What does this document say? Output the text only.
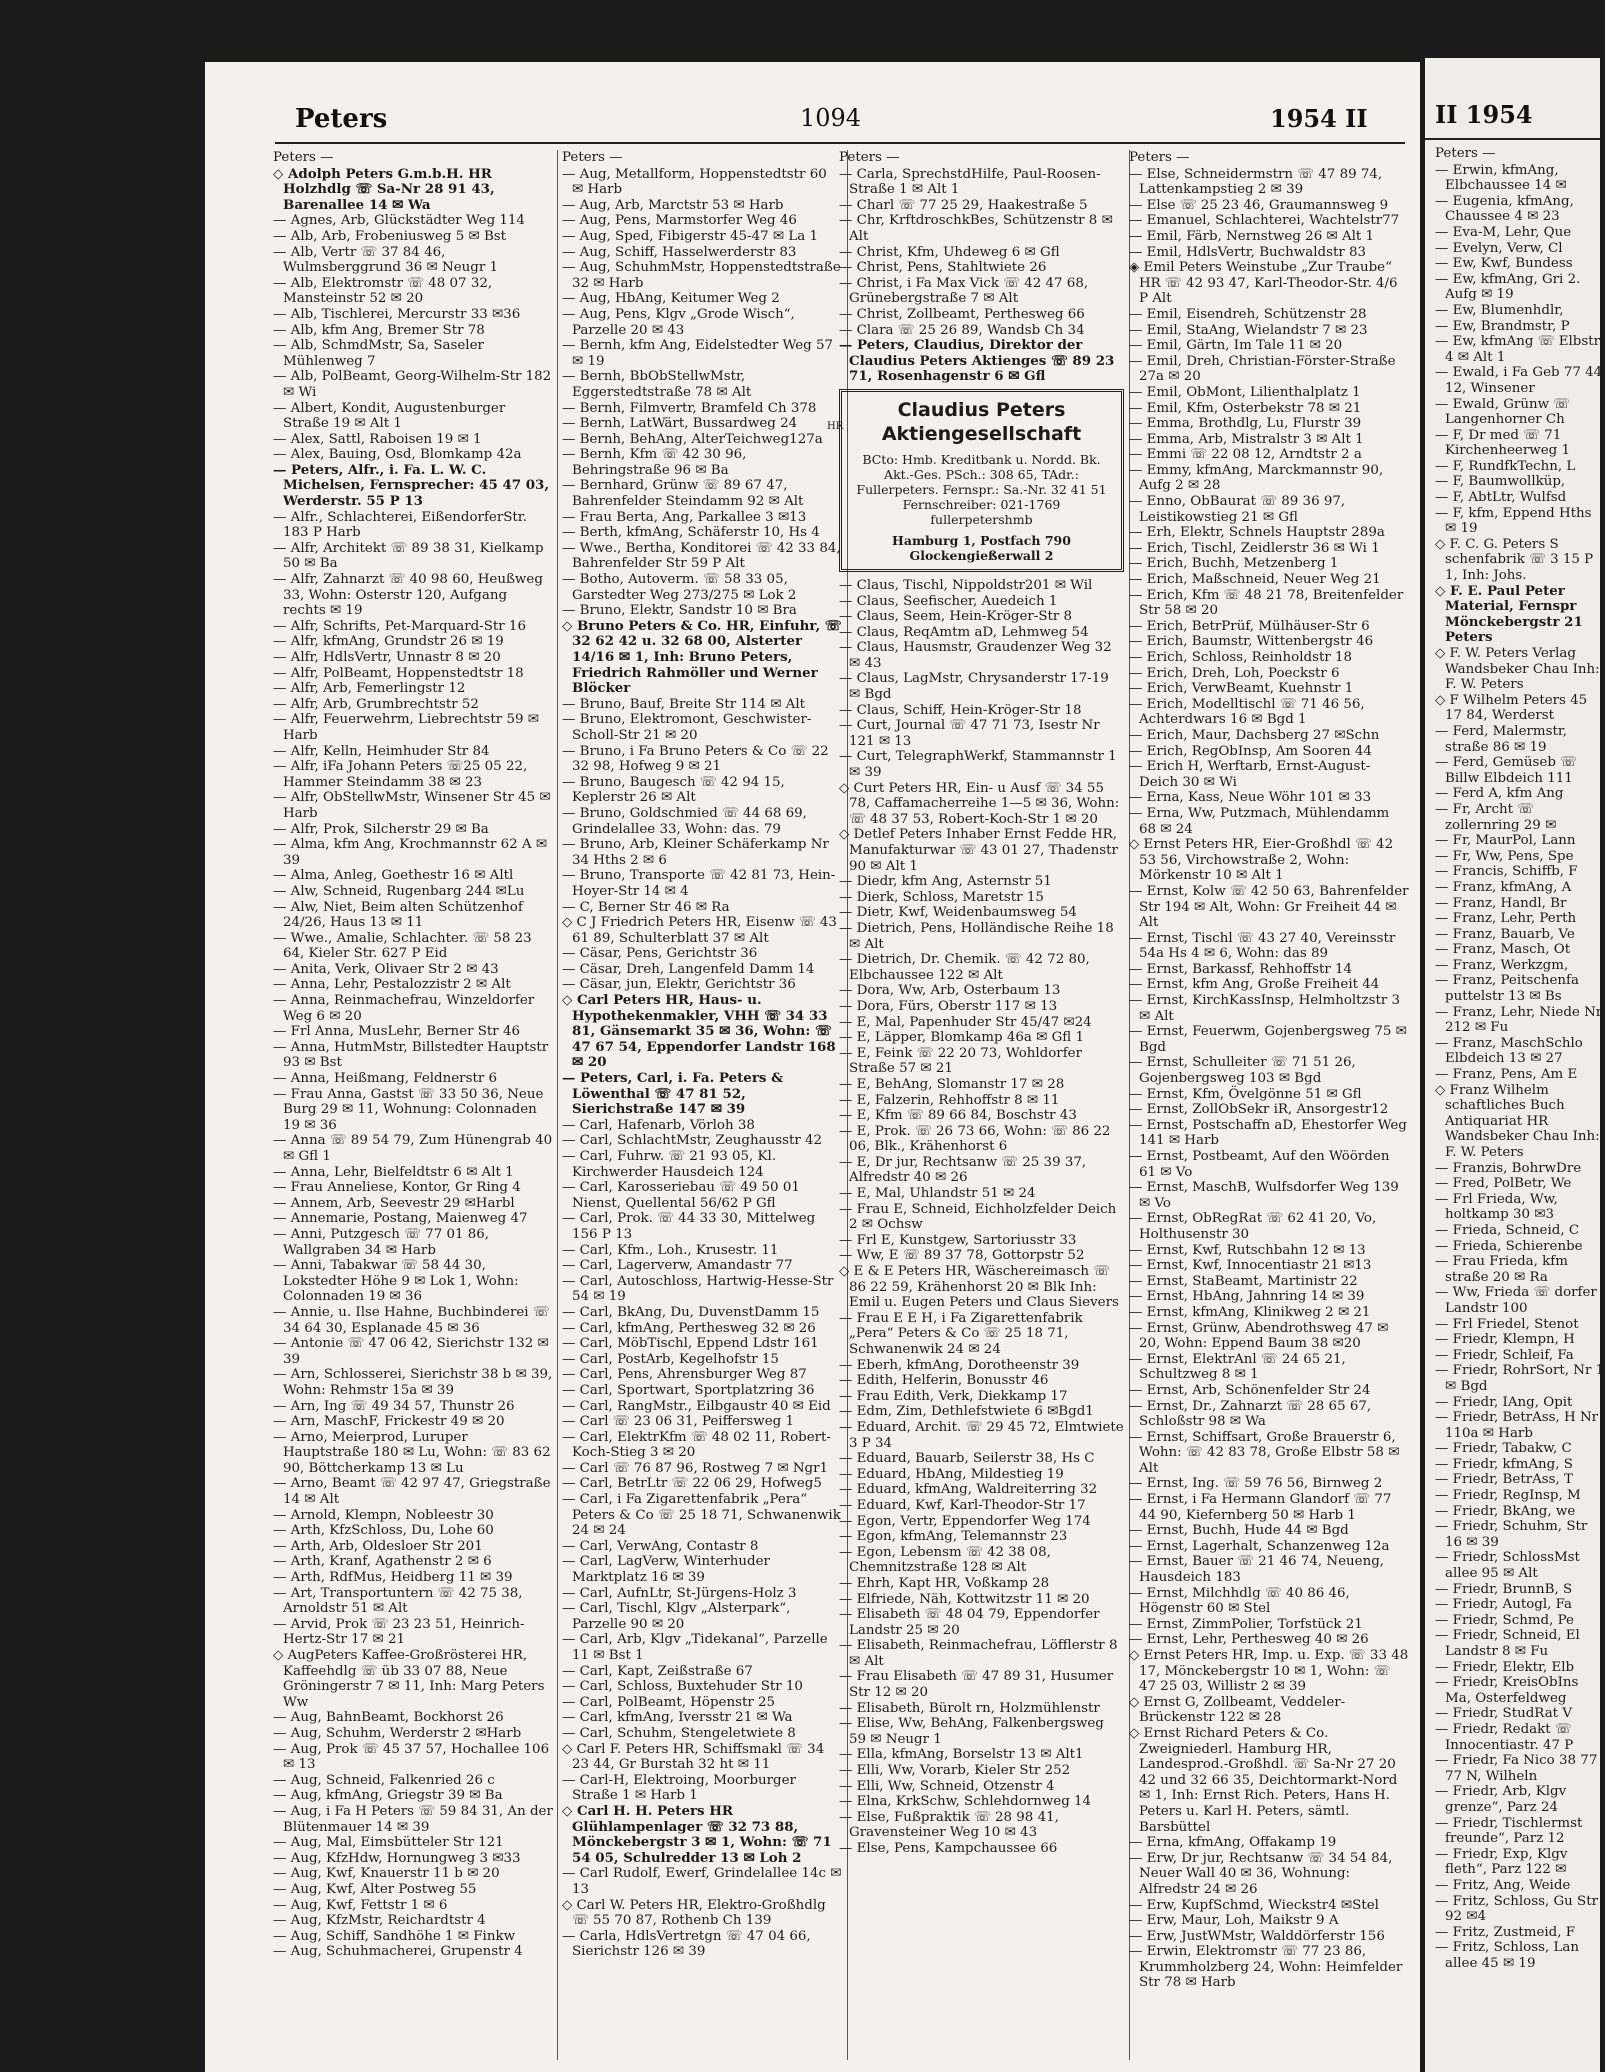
Peters	1094	1954 II
Peters —

◇ Adolph Peters G.m.b.H. HR Holzhdlg ☏ Sa-Nr 28 91 43, Barenallee 14 ✉ Wa

— Agnes, Arb, Glückstädter Weg 114

— Alb, Arb, Frobeniusweg 5 ✉ Bst

— Alb, Vertr ☏ 37 84 46, Wulmsberggrund 36 ✉ Neugr 1

— Alb, Elektromstr ☏ 48 07 32, Mansteinstr 52 ✉ 20

— Alb, Tischlerei, Mercurstr 33 ✉36

— Alb, kfm Ang, Bremer Str 78

— Alb, SchmdMstr, Sa, Saseler Mühlenweg 7

— Alb, PolBeamt, Georg-Wilhelm-Str 182 ✉ Wi

— Albert, Kondit, Augustenburger Straße 19 ✉ Alt 1

— Alex, Sattl, Raboisen 19 ✉ 1

— Alex, Bauing, Osd, Blomkamp 42a

— Peters, Alfr., i. Fa. L. W. C. Michelsen, Fernsprecher: 45 47 03, Werderstr. 55 P 13

— Alfr., Schlachterei, EißendorferStr. 183 P Harb

— Alfr, Architekt ☏ 89 38 31, Kielkamp 50 ✉ Ba

— Alfr, Zahnarzt ☏ 40 98 60, Heußweg 33, Wohn: Osterstr 120, Aufgang rechts ✉ 19

— Alfr, Schrifts, Pet-Marquard-Str 16

— Alfr, kfmAng, Grundstr 26 ✉ 19

— Alfr, HdlsVertr, Unnastr 8 ✉ 20

— Alfr, PolBeamt, Hoppenstedtstr 18

— Alfr, Arb, Femerlingstr 12

— Alfr, Arb, Grumbrechtstr 52

— Alfr, Feuerwehrm, Liebrechtstr 59 ✉ Harb

— Alfr, Kelln, Heimhuder Str 84

— Alfr, iFa Johann Peters ☏25 05 22, Hammer Steindamm 38 ✉ 23

— Alfr, ObStellwMstr, Winsener Str 45 ✉ Harb

— Alfr, Prok, Silcherstr 29 ✉ Ba

— Alma, kfm Ang, Krochmannstr 62 A ✉ 39

— Alma, Anleg, Goethestr 16 ✉ Altl

— Alw, Schneid, Rugenbarg 244 ✉Lu

— Alw, Niet, Beim alten Schützenhof 24/26, Haus 13 ✉ 11

— Wwe., Amalie, Schlachter. ☏ 58 23 64, Kieler Str. 627 P Eid

— Anita, Verk, Olivaer Str 2 ✉ 43

— Anna, Lehr, Pestalozzistr 2 ✉ Alt

— Anna, Reinmachefrau, Winzeldorfer Weg 6 ✉ 20

— Frl Anna, MusLehr, Berner Str 46

— Anna, HutmMstr, Billstedter Hauptstr 93 ✉ Bst

— Anna, Heißmang, Feldnerstr 6

— Frau Anna, Gastst ☏ 33 50 36, Neue Burg 29 ✉ 11, Wohnung: Colonnaden 19 ✉ 36

— Anna ☏ 89 54 79, Zum Hünengrab 40 ✉ Gfl 1

— Anna, Lehr, Bielfeldtstr 6 ✉ Alt 1

— Frau Anneliese, Kontor, Gr Ring 4

— Annem, Arb, Seevestr 29 ✉Harbl

— Annemarie, Postang, Maienweg 47

— Anni, Putzgesch ☏ 77 01 86, Wallgraben 34 ✉ Harb

— Anni, Tabakwar ☏ 58 44 30, Lokstedter Höhe 9 ✉ Lok 1, Wohn: Colonnaden 19 ✉ 36

— Annie, u. Ilse Hahne, Buchbinderei ☏ 34 64 30, Esplanade 45 ✉ 36

— Antonie ☏ 47 06 42, Sierichstr 132 ✉ 39

— Arn, Schlosserei, Sierichstr 38 b ✉ 39, Wohn: Rehmstr 15a ✉ 39

— Arn, Ing ☏ 49 34 57, Thunstr 26

— Arn, MaschF, Frickestr 49 ✉ 20

— Arno, Meierprod, Luruper Hauptstraße 180 ✉ Lu, Wohn: ☏ 83 62 90, Böttcherkamp 13 ✉ Lu

— Arno, Beamt ☏ 42 97 47, Griegstraße 14 ✉ Alt

— Arnold, Klempn, Nobleestr 30

— Arth, KfzSchloss, Du, Lohe 60

— Arth, Arb, Oldesloer Str 201

— Arth, Kranf, Agathenstr 2 ✉ 6

— Arth, RdfMus, Heidberg 11 ✉ 39

— Art, Transportuntern ☏ 42 75 38, Arnoldstr 51 ✉ Alt

— Arvid, Prok ☏ 23 23 51, Heinrich-Hertz-Str 17 ✉ 21

◇ AugPeters Kaffee-Großrösterei HR, Kaffeehdlg ☏ üb 33 07 88, Neue Gröningerstr 7 ✉ 11, Inh: Marg Peters Ww

— Aug, BahnBeamt, Bockhorst 26

— Aug, Schuhm, Werderstr 2 ✉Harb

— Aug, Prok ☏ 45 37 57, Hochallee 106 ✉ 13

— Aug, Schneid, Falkenried 26 c

— Aug, kfmAng, Griegstr 39 ✉ Ba

— Aug, i Fa H Peters ☏ 59 84 31, An der Blütenmauer 14 ✉ 39

— Aug, Mal, Eimsbütteler Str 121

— Aug, KfzHdw, Hornungweg 3 ✉33

— Aug, Kwf, Knauerstr 11 b ✉ 20

— Aug, Kwf, Alter Postweg 55

— Aug, Kwf, Fettstr 1 ✉ 6

— Aug, KfzMstr, Reichardtstr 4

— Aug, Schiff, Sandhöhe 1 ✉ Finkw

— Aug, Schuhmacherei, Grupenstr 4

Peters —

— Aug, Metallform, Hoppenstedtstr 60 ✉ Harb

— Aug, Arb, Marctstr 53 ✉ Harb

— Aug, Pens, Marmstorfer Weg 46

— Aug, Sped, Fibigerstr 45-47 ✉ La 1

— Aug, Schiff, Hasselwerderstr 83

— Aug, SchuhmMstr, Hoppenstedtstraße 32 ✉ Harb

— Aug, HbAng, Keitumer Weg 2

— Aug, Pens, Klgv „Grode Wisch“, Parzelle 20 ✉ 43

— Bernh, kfm Ang, Eidelstedter Weg 57 ✉ 19

— Bernh, BbObStellwMstr, Eggerstedtstraße 78 ✉ Alt

— Bernh, Filmvertr, Bramfeld Ch 378

— Bernh, LatWärt, Bussardweg 24

— Bernh, BehAng, AlterTeichweg127a

— Bernh, Kfm ☏ 42 30 96, Behringstraße 96 ✉ Ba

— Bernhard, Grünw ☏ 89 67 47, Bahrenfelder Steindamm 92 ✉ Alt

— Frau Berta, Ang, Parkallee 3 ✉13

— Berth, kfmAng, Schäferstr 10, Hs 4

— Wwe., Bertha, Konditorei ☏ 42 33 84, Bahrenfelder Str 59 P Alt

— Botho, Autoverm. ☏ 58 33 05, Garstedter Weg 273/275 ✉ Lok 2

— Bruno, Elektr, Sandstr 10 ✉ Bra

◇ Bruno Peters & Co. HR, Einfuhr, ☏ 32 62 42 u. 32 68 00, Alsterter 14/16 ✉ 1, Inh: Bruno Peters, Friedrich Rahmöller und Werner Blöcker

— Bruno, Bauf, Breite Str 114 ✉ Alt

— Bruno, Elektromont, Geschwister-Scholl-Str 21 ✉ 20

— Bruno, i Fa Bruno Peters & Co ☏ 22 32 98, Hofweg 9 ✉ 21

— Bruno, Baugesch ☏ 42 94 15, Keplerstr 26 ✉ Alt

— Bruno, Goldschmied ☏ 44 68 69, Grindelallee 33, Wohn: das. 79

— Bruno, Arb, Kleiner Schäferkamp Nr 34 Hths 2 ✉ 6

— Bruno, Transporte ☏ 42 81 73, Hein-Hoyer-Str 14 ✉ 4

— C, Berner Str 46 ✉ Ra

◇ C J Friedrich Peters HR, Eisenw ☏ 43 61 89, Schulterblatt 37 ✉ Alt

— Cäsar, Pens, Gerichtstr 36

— Cäsar, Dreh, Langenfeld Damm 14

— Cäsar, jun, Elektr, Gerichtstr 36

◇ Carl Peters HR, Haus- u. Hypothekenmakler, VHH ☏ 34 33 81, Gänsemarkt 35 ✉ 36, Wohn: ☏ 47 67 54, Eppendorfer Landstr 168 ✉ 20

— Peters, Carl, i. Fa. Peters & Löwenthal ☏ 47 81 52, Sierichstraße 147 ✉ 39

— Carl, Hafenarb, Vörloh 38

— Carl, SchlachtMstr, Zeughausstr 42

— Carl, Fuhrw. ☏ 21 93 05, Kl. Kirchwerder Hausdeich 124

— Carl, Karosseriebau ☏ 49 50 01 Nienst, Quellental 56/62 P Gfl

— Carl, Prok. ☏ 44 33 30, Mittelweg 156 P 13

— Carl, Kfm., Loh., Krusestr. 11

— Carl, Lagerverw, Amandastr 77

— Carl, Autoschloss, Hartwig-Hesse-Str 54 ✉ 19

— Carl, BkAng, Du, DuvenstDamm 15

— Carl, kfmAng, Perthesweg 32 ✉ 26

— Carl, MöbTischl, Eppend Ldstr 161

— Carl, PostArb, Kegelhofstr 15

— Carl, Pens, Ahrensburger Weg 87

— Carl, Sportwart, Sportplatzring 36

— Carl, RangMstr., Eilbgaustr 40 ✉ Eid

— Carl ☏ 23 06 31, Peiffersweg 1

— Carl, ElektrKfm ☏ 48 02 11, Robert-Koch-Stieg 3 ✉ 20

— Carl ☏ 76 87 96, Rostweg 7 ✉ Ngr1

— Carl, BetrLtr ☏ 22 06 29, Hofweg5

— Carl, i Fa Zigarettenfabrik „Pera“ Peters & Co ☏ 25 18 71, Schwanenwik 24 ✉ 24

— Carl, VerwAng, Contastr 8

— Carl, LagVerw, Winterhuder Marktplatz 16 ✉ 39

— Carl, AufnLtr, St-Jürgens-Holz 3

— Carl, Tischl, Klgv „Alsterpark“, Parzelle 90 ✉ 20

— Carl, Arb, Klgv „Tidekanal“, Parzelle 11 ✉ Bst 1

— Carl, Kapt, Zeißstraße 67

— Carl, Schloss, Buxtehuder Str 10

— Carl, PolBeamt, Höpenstr 25

— Carl, kfmAng, Iversstr 21 ✉ Wa

— Carl, Schuhm, Stengeletwiete 8

◇ Carl F. Peters HR, Schiffsmakl ☏ 34 23 44, Gr Burstah 32 ht ✉ 11

— Carl-H, Elektroing, Moorburger Straße 1 ✉ Harb 1

◇ Carl H. H. Peters HR Glühlampenlager ☏ 32 73 88, Mönckebergstr 3 ✉ 1, Wohn: ☏ 71 54 05, Schulredder 13 ✉ Loh 2

— Carl Rudolf, Ewerf, Grindelallee 14c ✉ 13

◇ Carl W. Peters HR, Elektro-Großhdlg ☏ 55 70 87, Rothenb Ch 139

— Carla, HdlsVertretgn ☏ 47 04 66, Sierichstr 126 ✉ 39

Peters —

— Carla, SprechstdHilfe, Paul-Roosen-Straße 1 ✉ Alt 1

— Charl ☏ 77 25 29, Haakestraße 5

— Chr, KrftdroschkBes, Schützenstr 8 ✉ Alt

— Christ, Kfm, Uhdeweg 6 ✉ Gfl

— Christ, Pens, Stahltwiete 26

— Christ, i Fa Max Vick ☏ 42 47 68, Grünebergstraße 7 ✉ Alt

— Christ, Zollbeamt, Perthesweg 66

— Clara ☏ 25 26 89, Wandsb Ch 34

— Peters, Claudius, Direktor der Claudius Peters Aktienges ☏ 89 23 71, Rosenhagenstr 6 ✉ Gfl

HR
Claudius Peters
Aktiengesellschaft
BCto: Hmb. Kreditbank u. Nordd. Bk. Akt.-Ges. PSch.: 308 65, TAdr.: Fullerpeters. Fernspr.: Sa.-Nr. 32 41 51 Fernschreiber: 021-1769 fullerpetershmb
Hamburg 1, Postfach 790 Glockengießerwall 2

— Claus, Tischl, Nippoldstr201 ✉ Wil

— Claus, Seefischer, Auedeich 1

— Claus, Seem, Hein-Kröger-Str 8

— Claus, ReqAmtm aD, Lehmweg 54

— Claus, Hausmstr, Graudenzer Weg 32 ✉ 43

— Claus, LagMstr, Chrysanderstr 17-19 ✉ Bgd

— Claus, Schiff, Hein-Kröger-Str 18

— Curt, Journal ☏ 47 71 73, Isestr Nr 121 ✉ 13

— Curt, TelegraphWerkf, Stammannstr 1 ✉ 39

◇ Curt Peters HR, Ein- u Ausf ☏ 34 55 78, Caffamacherreihe 1—5 ✉ 36, Wohn: ☏ 48 37 53, Robert-Koch-Str 1 ✉ 20

◇ Detlef Peters Inhaber Ernst Fedde HR, Manufakturwar ☏ 43 01 27, Thadenstr 90 ✉ Alt 1

— Diedr, kfm Ang, Asternstr 51

— Dierk, Schloss, Maretstr 15

— Dietr, Kwf, Weidenbaumsweg 54

— Dietrich, Pens, Holländische Reihe 18 ✉ Alt

— Dietrich, Dr. Chemik. ☏ 42 72 80, Elbchaussee 122 ✉ Alt

— Dora, Ww, Arb, Osterbaum 13

— Dora, Fürs, Oberstr 117 ✉ 13

— E, Mal, Papenhuder Str 45/47 ✉24

— E, Läpper, Blomkamp 46a ✉ Gfl 1

— E, Feink ☏ 22 20 73, Wohldorfer Straße 57 ✉ 21

— E, BehAng, Slomanstr 17 ✉ 28

— E, Falzerin, Rehhoffstr 8 ✉ 11

— E, Kfm ☏ 89 66 84, Boschstr 43

— E, Prok. ☏ 26 73 66, Wohn: ☏ 86 22 06, Blk., Krähenhorst 6

— E, Dr jur, Rechtsanw ☏ 25 39 37, Alfredstr 40 ✉ 26

— E, Mal, Uhlandstr 51 ✉ 24

— Frau E, Schneid, Eichholzfelder Deich 2 ✉ Ochsw

— Frl E, Kunstgew, Sartoriusstr 33

— Ww, E ☏ 89 37 78, Gottorpstr 52

◇ E & E Peters HR, Wäschereimasch ☏ 86 22 59, Krähenhorst 20 ✉ Blk Inh: Emil u. Eugen Peters und Claus Sievers

— Frau E E H, i Fa Zigarettenfabrik „Pera“ Peters & Co ☏ 25 18 71, Schwanenwik 24 ✉ 24

— Eberh, kfmAng, Dorotheenstr 39

— Edith, Helferin, Bonusstr 46

— Frau Edith, Verk, Diekkamp 17

— Edm, Zim, Dethlefstwiete 6 ✉Bgd1

— Eduard, Archit. ☏ 29 45 72, Elmtwiete 3 P 34

— Eduard, Bauarb, Seilerstr 38, Hs C

— Eduard, HbAng, Mildestieg 19

— Eduard, kfmAng, Waldreiterring 32

— Eduard, Kwf, Karl-Theodor-Str 17

— Egon, Vertr, Eppendorfer Weg 174

— Egon, kfmAng, Telemannstr 23

— Egon, Lebensm ☏ 42 38 08, Chemnitzstraße 128 ✉ Alt

— Ehrh, Kapt HR, Voßkamp 28

— Elfriede, Näh, Kottwitzstr 11 ✉ 20

— Elisabeth ☏ 48 04 79, Eppendorfer Landstr 25 ✉ 20

— Elisabeth, Reinmachefrau, Löfflerstr 8 ✉ Alt

— Frau Elisabeth ☏ 47 89 31, Husumer Str 12 ✉ 20

— Elisabeth, Bürolt rn, Holzmühlenstr

— Elise, Ww, BehAng, Falkenbergsweg 59 ✉ Neugr 1

— Ella, kfmAng, Borselstr 13 ✉ Alt1

— Elli, Ww, Vorarb, Kieler Str 252

— Elli, Ww, Schneid, Otzenstr 4

— Elna, KrkSchw, Schlehdornweg 14

— Else, Fußpraktik ☏ 28 98 41, Gravensteiner Weg 10 ✉ 43

— Else, Pens, Kampchaussee 66

Peters —

— Else, Schneidermstrn ☏ 47 89 74, Lattenkampstieg 2 ✉ 39

— Else ☏ 25 23 46, Graumannsweg 9

— Emanuel, Schlachterei, Wachtelstr77

— Emil, Färb, Nernstweg 26 ✉ Alt 1

— Emil, HdlsVertr, Buchwaldstr 83

◈ Emil Peters Weinstube „Zur Traube“ HR ☏ 42 93 47, Karl-Theodor-Str. 4/6 P Alt

— Emil, Eisendreh, Schützenstr 28

— Emil, StaAng, Wielandstr 7 ✉ 23

— Emil, Gärtn, Im Tale 11 ✉ 20

— Emil, Dreh, Christian-Förster-Straße 27a ✉ 20

— Emil, ObMont, Lilienthalplatz 1

— Emil, Kfm, Osterbekstr 78 ✉ 21

— Emma, Brothdlg, Lu, Flurstr 39

— Emma, Arb, Mistralstr 3 ✉ Alt 1

— Emmi ☏ 22 08 12, Arndtstr 2 a

— Emmy, kfmAng, Marckmannstr 90, Aufg 2 ✉ 28

— Enno, ObBaurat ☏ 89 36 97, Leistikowstieg 21 ✉ Gfl

— Erh, Elektr, Schnels Hauptstr 289a

— Erich, Tischl, Zeidlerstr 36 ✉ Wi 1

— Erich, Buchh, Metzenberg 1

— Erich, Maßschneid, Neuer Weg 21

— Erich, Kfm ☏ 48 21 78, Breitenfelder Str 58 ✉ 20

— Erich, BetrPrüf, Mülhäuser-Str 6

— Erich, Baumstr, Wittenbergstr 46

— Erich, Schloss, Reinholdstr 18

— Erich, Dreh, Loh, Poeckstr 6

— Erich, VerwBeamt, Kuehnstr 1

— Erich, Modelltischl ☏ 71 46 56, Achterdwars 16 ✉ Bgd 1

— Erich, Maur, Dachsberg 27 ✉Schn

— Erich, RegObInsp, Am Sooren 44

— Erich H, Werftarb, Ernst-August-Deich 30 ✉ Wi

— Erna, Kass, Neue Wöhr 101 ✉ 33

— Erna, Ww, Putzmach, Mühlendamm 68 ✉ 24

◇ Ernst Peters HR, Eier-Großhdl ☏ 42 53 56, Virchowstraße 2, Wohn: Mörkenstr 10 ✉ Alt 1

— Ernst, Kolw ☏ 42 50 63, Bahrenfelder Str 194 ✉ Alt, Wohn: Gr Freiheit 44 ✉ Alt

— Ernst, Tischl ☏ 43 27 40, Vereinsstr 54a Hs 4 ✉ 6, Wohn: das 89

— Ernst, Barkassf, Rehhoffstr 14

— Ernst, kfm Ang, Große Freiheit 44

— Ernst, KirchKassInsp, Helmholtzstr 3 ✉ Alt

— Ernst, Feuerwm, Gojenbergsweg 75 ✉ Bgd

— Ernst, Schulleiter ☏ 71 51 26, Gojenbergsweg 103 ✉ Bgd

— Ernst, Kfm, Övelgönne 51 ✉ Gfl

— Ernst, ZollObSekr iR, Ansorgestr12

— Ernst, Postschaffn aD, Ehestorfer Weg 141 ✉ Harb

— Ernst, Postbeamt, Auf den Wöörden 61 ✉ Vo

— Ernst, MaschB, Wulfsdorfer Weg 139 ✉ Vo

— Ernst, ObRegRat ☏ 62 41 20, Vo, Holthusenstr 30

— Ernst, Kwf, Rutschbahn 12 ✉ 13

— Ernst, Kwf, Innocentiastr 21 ✉13

— Ernst, StaBeamt, Martinistr 22

— Ernst, HbAng, Jahnring 14 ✉ 39

— Ernst, kfmAng, Klinikweg 2 ✉ 21

— Ernst, Grünw, Abendrothsweg 47 ✉20, Wohn: Eppend Baum 38 ✉20

— Ernst, ElektrAnl ☏ 24 65 21, Schultzweg 8 ✉ 1

— Ernst, Arb, Schönenfelder Str 24

— Ernst, Dr., Zahnarzt ☏ 28 65 67, Schloßstr 98 ✉ Wa

— Ernst, Schiffsart, Große Brauerstr 6, Wohn: ☏ 42 83 78, Große Elbstr 58 ✉ Alt

— Ernst, Ing. ☏ 59 76 56, Birnweg 2

— Ernst, i Fa Hermann Glandorf ☏ 77 44 90, Kiefernberg 50 ✉ Harb 1

— Ernst, Buchh, Hude 44 ✉ Bgd

— Ernst, Lagerhalt, Schanzenweg 12a

— Ernst, Bauer ☏ 21 46 74, Neueng, Hausdeich 183

— Ernst, Milchhdlg ☏ 40 86 46, Högenstr 60 ✉ Stel

— Ernst, ZimmPolier, Torfstück 21

— Ernst, Lehr, Perthesweg 40 ✉ 26

◇ Ernst Peters HR, Imp. u. Exp. ☏ 33 48 17, Mönckebergstr 10 ✉ 1, Wohn: ☏ 47 25 03, Willistr 2 ✉ 39

◇ Ernst G, Zollbeamt, Veddeler-Brückenstr 122 ✉ 28

◇ Ernst Richard Peters & Co. Zweigniederl. Hamburg HR, Landesprod.-Großhdl. ☏ Sa-Nr 27 20 42 und 32 66 35, Deichtormarkt-Nord ✉ 1, Inh: Ernst Rich. Peters, Hans H. Peters u. Karl H. Peters, sämtl. Barsbüttel

— Erna, kfmAng, Offakamp 19

— Erw, Dr jur, Rechtsanw ☏ 34 54 84, Neuer Wall 40 ✉ 36, Wohnung: Alfredstr 24 ✉ 26

— Erw, KupfSchmd, Wieckstr4 ✉Stel

— Erw, Maur, Loh, Maikstr 9 A

— Erw, JustWMstr, Walddörferstr 156

— Erwin, Elektromstr ☏ 77 23 86, Krummholzberg 24, Wohn: Heimfelder Str 78 ✉ Harb

II 1954
Peters —

— Erwin, kfmAng, Elbchaussee 14 ✉

— Eugenia, kfmAng, Chaussee 4 ✉ 23

— Eva-M, Lehr, Que

— Evelyn, Verw, Cl

— Ew, Kwf, Bundess

— Ew, kfmAng, Gri 2. Aufg ✉ 19

— Ew, Blumenhdlr,

— Ew, Brandmstr, P

— Ew, kfmAng ☏ Elbstr 4 ✉ Alt 1

— Ewald, i Fa Geb 77 44 12, Winsener

— Ewald, Grünw ☏ Langenhorner Ch

— F, Dr med ☏ 71 Kirchenheerweg 1

— F, RundfkTechn, L

— F, Baumwollküp,

— F, AbtLtr, Wulfsd

— F, kfm, Eppend Hths ✉ 19

◇ F. C. G. Peters S schenfabrik ☏ 3 15 P 1, Inh: Johs.

◇ F. E. Paul Peter Material, Fernspr Mönckebergstr 21 Peters

◇ F. W. Peters Verlag Wandsbeker Chau Inh: F. W. Peters

◇ F Wilhelm Peters 45 17 84, Werderst

— Ferd, Malermstr, straße 86 ✉ 19

— Ferd, Gemüseb ☏ Billw Elbdeich 111

— Ferd A, kfm Ang

— Fr, Archt ☏ zollernring 29 ✉

— Fr, MaurPol, Lann

— Fr, Ww, Pens, Spe

— Francis, Schiffb, F

— Franz, kfmAng, A

— Franz, Handl, Br

— Franz, Lehr, Perth

— Franz, Bauarb, Ve

— Franz, Masch, Ot

— Franz, Werkzgm,

— Franz, Peitschenfa puttelstr 13 ✉ Bs

— Franz, Lehr, Niede Nr 212 ✉ Fu

— Franz, MaschSchlo Elbdeich 13 ✉ 27

— Franz, Pens, Am E

◇ Franz Wilhelm schaftliches Buch Antiquariat HR Wandsbeker Chau Inh: F. W. Peters

— Franzis, BohrwDre

— Fred, PolBetr, We

— Frl Frieda, Ww, holtkamp 30 ✉3

— Frieda, Schneid, C

— Frieda, Schierenbe

— Frau Frieda, kfm straße 20 ✉ Ra

— Ww, Frieda ☏ dorfer Landstr 100

— Frl Friedel, Stenot

— Friedr, Klempn, H

— Friedr, Schleif, Fa

— Friedr, RohrSort, Nr 1 ✉ Bgd

— Friedr, IAng, Opit

— Friedr, BetrAss, H Nr 110a ✉ Harb

— Friedr, Tabakw, C

— Friedr, kfmAng, S

— Friedr, BetrAss, T

— Friedr, RegInsp, M

— Friedr, BkAng, we

— Friedr, Schuhm, Str 16 ✉ 39

— Friedr, SchlossMst allee 95 ✉ Alt

— Friedr, BrunnB, S

— Friedr, Autogl, Fa

— Friedr, Schmd, Pe

— Friedr, Schneid, El Landstr 8 ✉ Fu

— Friedr, Elektr, Elb

— Friedr, KreisObIns Ma, Osterfeldweg

— Friedr, StudRat V

— Friedr, Redakt ☏ Innocentiastr. 47 P

— Friedr, Fa Nico 38 77 77 N, Wilheln

— Friedr, Arb, Klgv grenze“, Parz 24

— Friedr, Tischlermst freunde“, Parz 12

— Friedr, Exp, Klgv fleth“, Parz 122 ✉

— Fritz, Ang, Weide

— Fritz, Schloss, Gu Str 92 ✉4

— Fritz, Zustmeid, F

— Fritz, Schloss, Lan allee 45 ✉ 19
